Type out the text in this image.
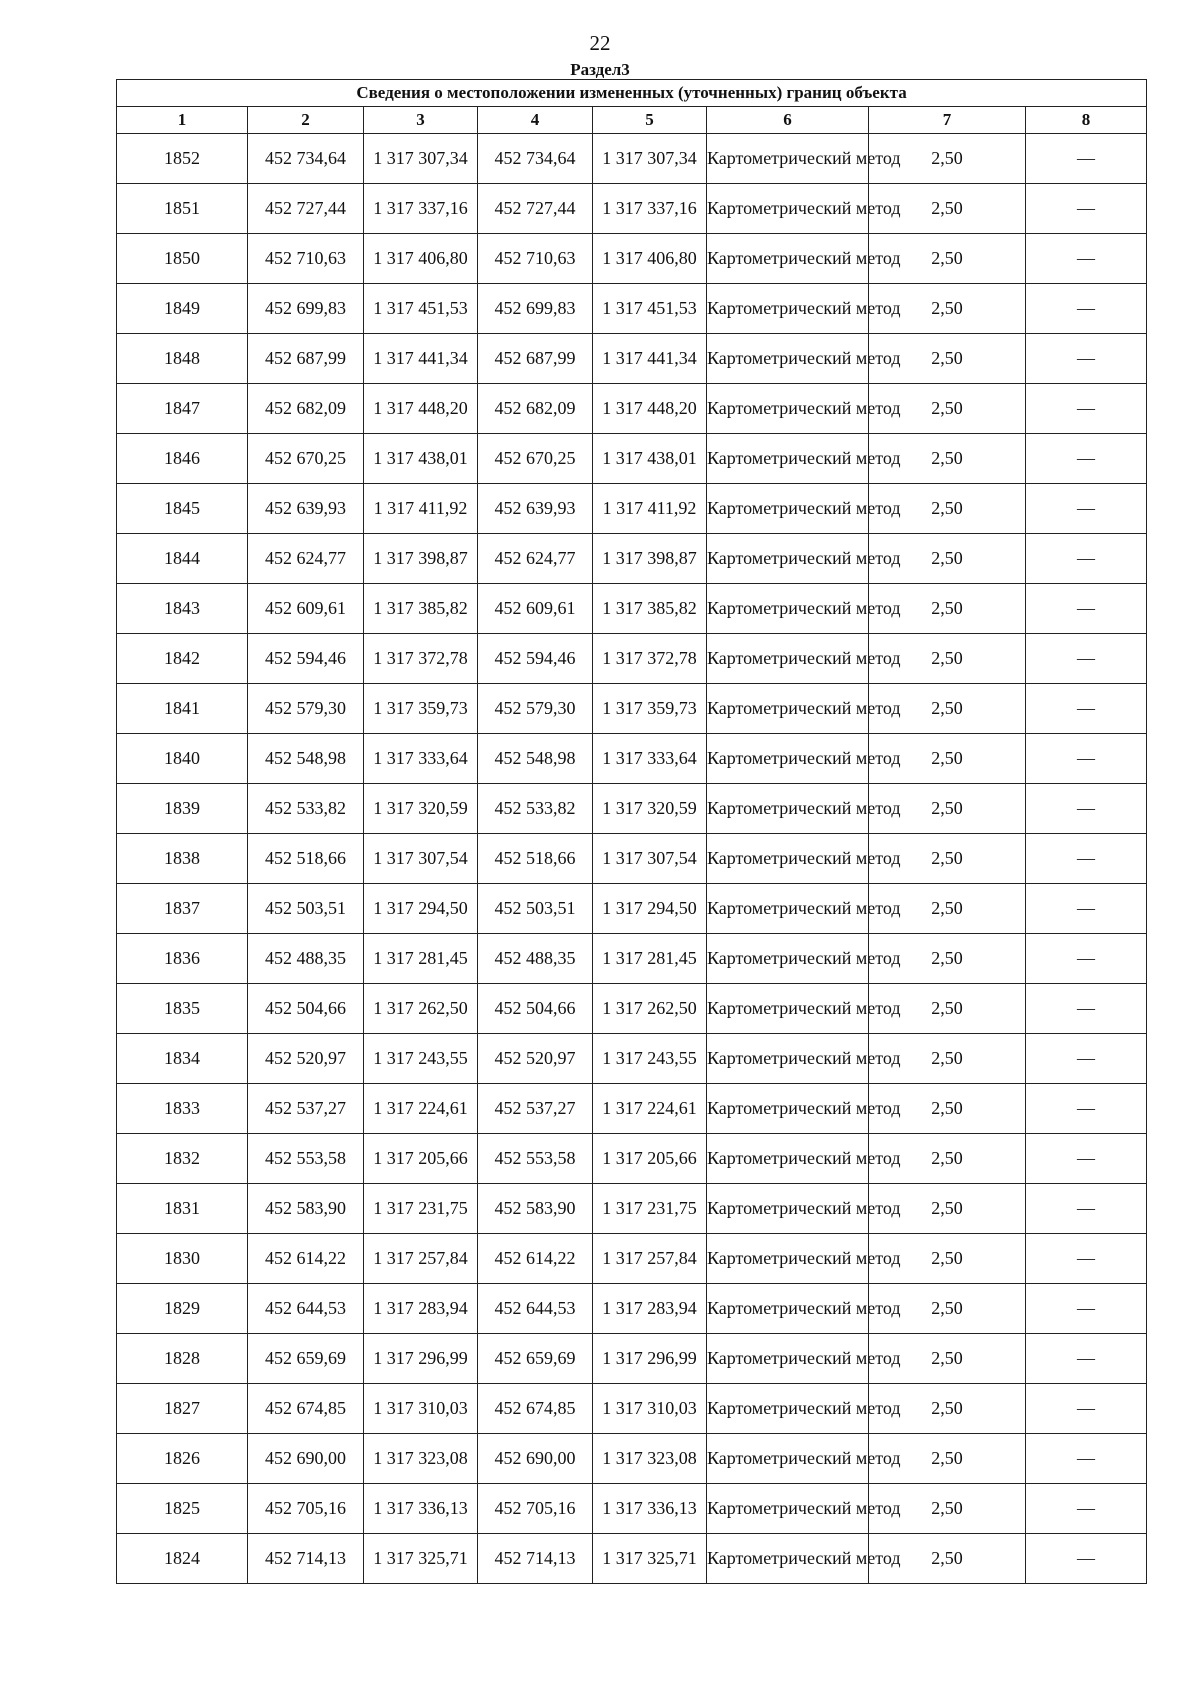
22
Раздел3
Сведения о местоположении измененных (уточненных) границ объекта							
1	2	3	4	5	6	7	8
1852	452 734,64	1 317 307,34	452 734,64	1 317 307,34	Картометрический метод	2,50	—
1851	452 727,44	1 317 337,16	452 727,44	1 317 337,16	Картометрический метод	2,50	—
1850	452 710,63	1 317 406,80	452 710,63	1 317 406,80	Картометрический метод	2,50	—
1849	452 699,83	1 317 451,53	452 699,83	1 317 451,53	Картометрический метод	2,50	—
1848	452 687,99	1 317 441,34	452 687,99	1 317 441,34	Картометрический метод	2,50	—
1847	452 682,09	1 317 448,20	452 682,09	1 317 448,20	Картометрический метод	2,50	—
1846	452 670,25	1 317 438,01	452 670,25	1 317 438,01	Картометрический метод	2,50	—
1845	452 639,93	1 317 411,92	452 639,93	1 317 411,92	Картометрический метод	2,50	—
1844	452 624,77	1 317 398,87	452 624,77	1 317 398,87	Картометрический метод	2,50	—
1843	452 609,61	1 317 385,82	452 609,61	1 317 385,82	Картометрический метод	2,50	—
1842	452 594,46	1 317 372,78	452 594,46	1 317 372,78	Картометрический метод	2,50	—
1841	452 579,30	1 317 359,73	452 579,30	1 317 359,73	Картометрический метод	2,50	—
1840	452 548,98	1 317 333,64	452 548,98	1 317 333,64	Картометрический метод	2,50	—
1839	452 533,82	1 317 320,59	452 533,82	1 317 320,59	Картометрический метод	2,50	—
1838	452 518,66	1 317 307,54	452 518,66	1 317 307,54	Картометрический метод	2,50	—
1837	452 503,51	1 317 294,50	452 503,51	1 317 294,50	Картометрический метод	2,50	—
1836	452 488,35	1 317 281,45	452 488,35	1 317 281,45	Картометрический метод	2,50	—
1835	452 504,66	1 317 262,50	452 504,66	1 317 262,50	Картометрический метод	2,50	—
1834	452 520,97	1 317 243,55	452 520,97	1 317 243,55	Картометрический метод	2,50	—
1833	452 537,27	1 317 224,61	452 537,27	1 317 224,61	Картометрический метод	2,50	—
1832	452 553,58	1 317 205,66	452 553,58	1 317 205,66	Картометрический метод	2,50	—
1831	452 583,90	1 317 231,75	452 583,90	1 317 231,75	Картометрический метод	2,50	—
1830	452 614,22	1 317 257,84	452 614,22	1 317 257,84	Картометрический метод	2,50	—
1829	452 644,53	1 317 283,94	452 644,53	1 317 283,94	Картометрический метод	2,50	—
1828	452 659,69	1 317 296,99	452 659,69	1 317 296,99	Картометрический метод	2,50	—
1827	452 674,85	1 317 310,03	452 674,85	1 317 310,03	Картометрический метод	2,50	—
1826	452 690,00	1 317 323,08	452 690,00	1 317 323,08	Картометрический метод	2,50	—
1825	452 705,16	1 317 336,13	452 705,16	1 317 336,13	Картометрический метод	2,50	—
1824	452 714,13	1 317 325,71	452 714,13	1 317 325,71	Картометрический метод	2,50	—
